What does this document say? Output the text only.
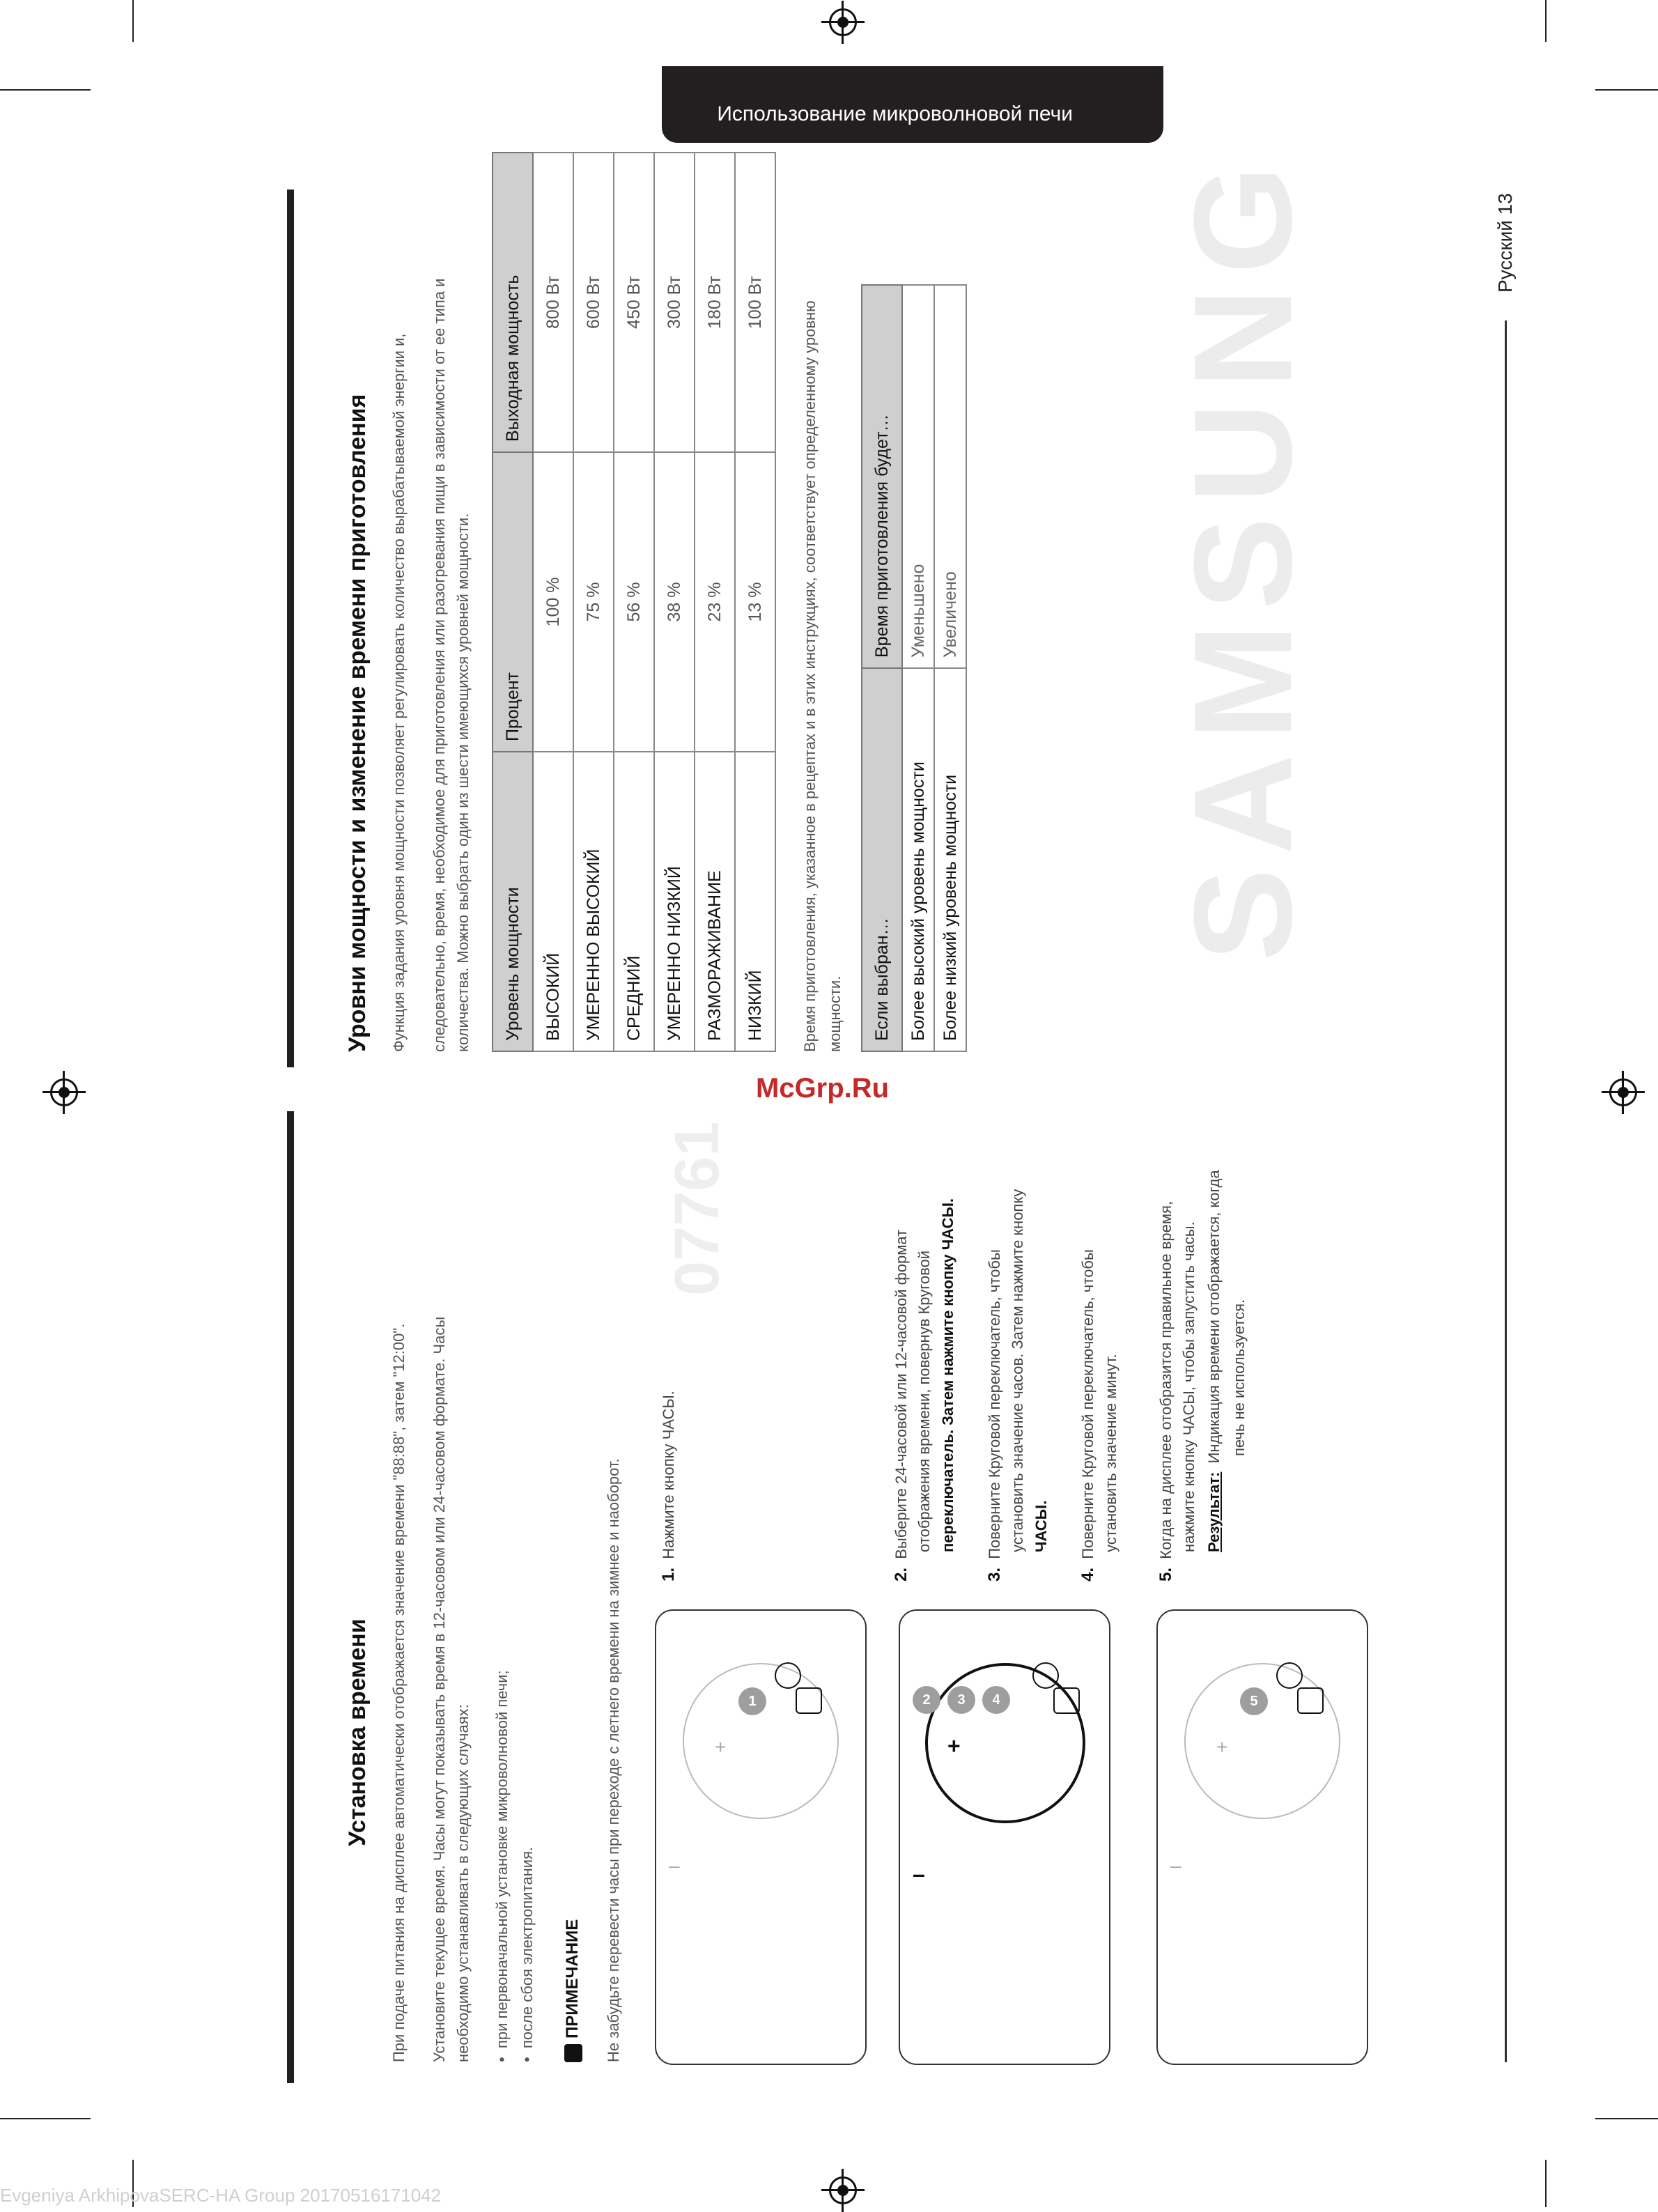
Использование микроволновой печи
Русский 13
SAMSUNG
McGrp.Ru
07761
Evgeniya ArkhipovaSERC-HA Group 20170516171042
Установка времени При подаче питания на дисплее автоматически отображается значение времени "88:88", затем "12:00". Установите текущее время. Часы могут показывать время в 12-часовом или 24-часовом формате. Часы необходимо устанавливать в следующих случаях: •  при первоначальной установке микроволновой печи;
•  после сбоя электропитания. ПРИМЕЧАНИЕ Не забудьте перевести часы при переходе с летнего времени на зимнее и наоборот. 1.  Нажмите кнопку ЧАСЫ.
2.  Выберите 24-часовой или 12-часовой формат отображения времени, повернув Круговой переключатель. Затем нажмите кнопку ЧАСЫ.
3.  Поверните Круговой переключатель, чтобы установить значение часов. Затем нажмите кнопку ЧАСЫ.
4.  Поверните Круговой переключатель, чтобы установить значение минут.
5.  Когда на дисплее отобразится правильное время, нажмите кнопку ЧАСЫ, чтобы запустить часы. Результат:  Индикация времени отображается, когда печь не используется.
–
+
1
–
+
2	3	4
–
+
5
Уровни мощности и изменение времени приготовления Функция задания уровня мощности позволяет регулировать количество вырабатываемой энергии и, следовательно, время, необходимое для приготовления или разогревания пищи в зависимости от ее типа и количества. Можно выбрать один из шести имеющихся уровней мощности. Уровень мощности	Процент	Выходная мощность
ВЫСОКИЙ	100 %	800 Вт
УМЕРЕННО ВЫСОКИЙ	75 %	600 Вт
СРЕДНИЙ	56 %	450 Вт
УМЕРЕННО НИЗКИЙ	38 %	300 Вт
РАЗМОРАЖИВАНИЕ	23 %	180 Вт
НИЗКИЙ	13 %	100 Вт Время приготовления, указанное в рецептах и в этих инструкциях, соответствует определенному уровню мощности. Если выбран…	Время приготовления будет…
Более высокий уровень мощности	Уменьшено
Более низкий уровень мощности	Увеличено
